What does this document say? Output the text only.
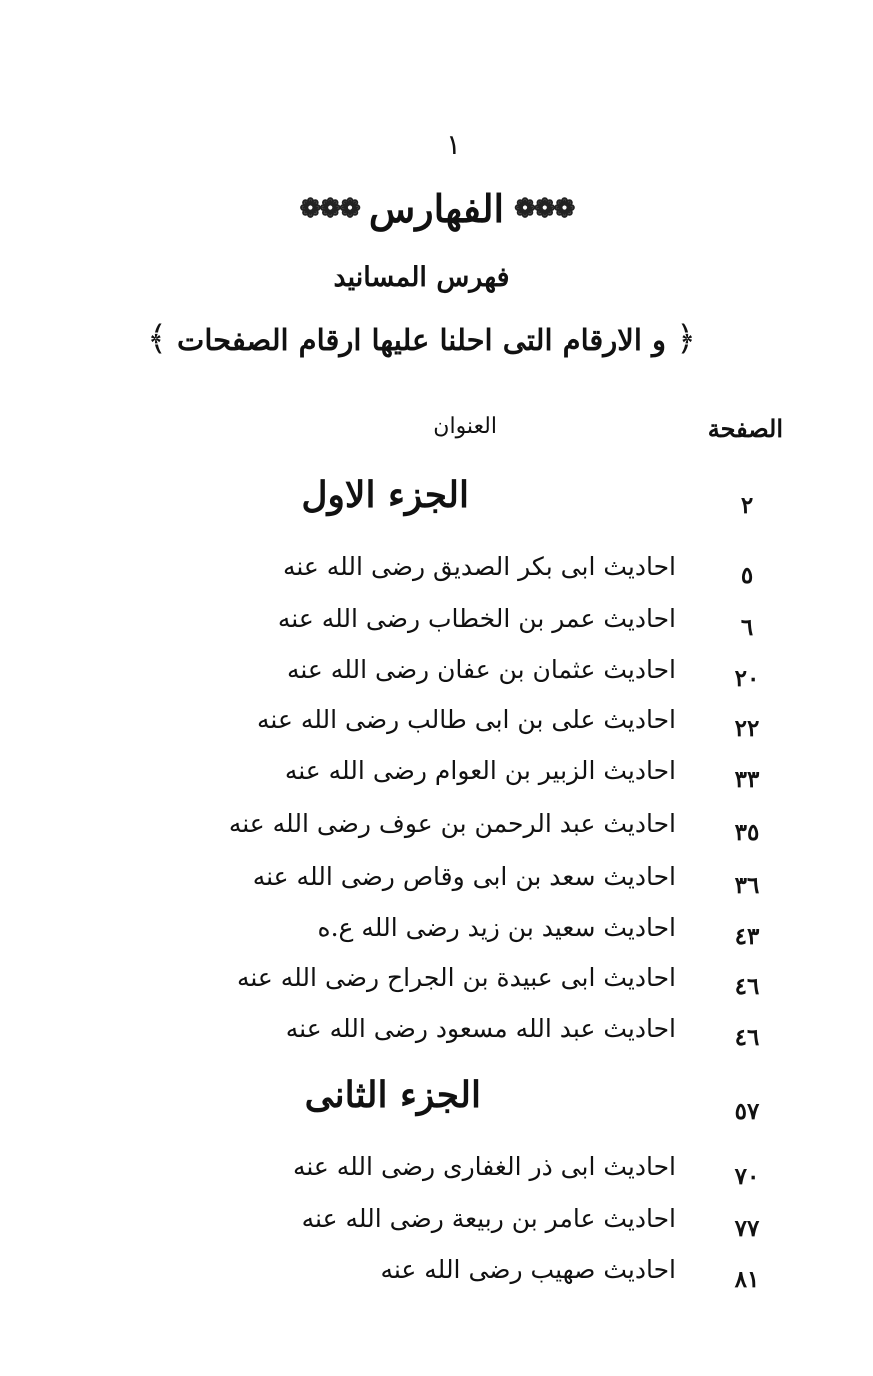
١
❁❁❁
الفهارس
❁❁❁
فهرس المسانيد
﴿ و الارقام التى احلنا عليها ارقام الصفحات ﴾
الصفحة
العنوان
الجزء الاول	٢
٥
احاديث ابى بكر الصديق رضى الله عنه
٦
احاديث عمر بن الخطاب رضى الله عنه
٢٠
احاديث عثمان بن عفان رضى الله عنه
٢٢
احاديث على بن ابى طالب رضى الله عنه
٣٣
احاديث الزبير بن العوام رضى الله عنه
٣٥
احاديث عبد الرحمن بن عوف رضى الله عنه
٣٦
احاديث سعد بن ابى وقاص رضى الله عنه
٤٣
احاديث سعيد بن زيد رضى الله ع.ه
٤٦
احاديث ابى عبيدة بن الجراح رضى الله عنه
٤٦
احاديث عبد الله مسعود رضى الله عنه
الجزء الثانى	٥٧
٧٠
احاديث ابى ذر الغفارى رضى الله عنه
٧٧
احاديث عامر بن ربيعة رضى الله عنه
٨١
احاديث صهيب رضى الله عنه
